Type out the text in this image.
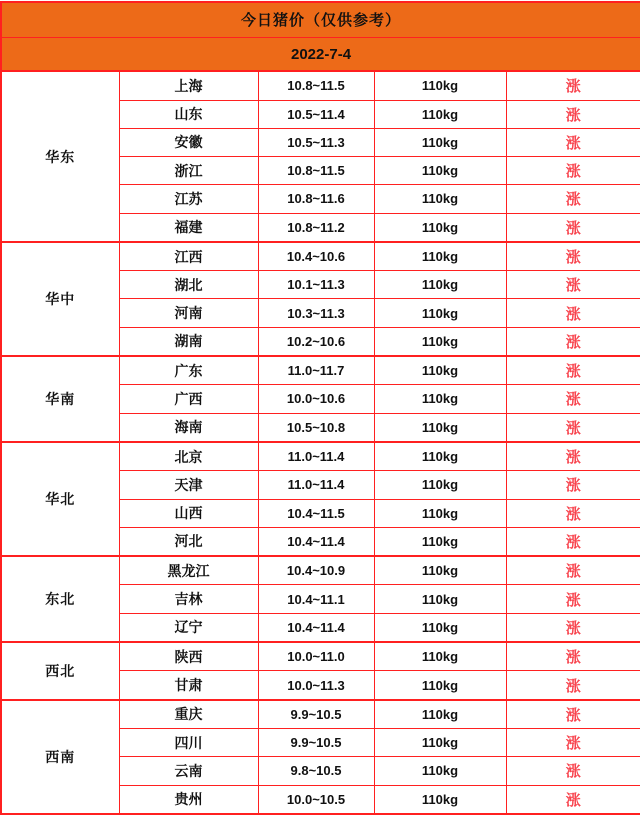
今日猪价（仅供参考）				
2022-7-4				
华东	上海	10.8~11.5	110kg	涨
	山东	10.5~11.4	110kg	涨
	安徽	10.5~11.3	110kg	涨
	浙江	10.8~11.5	110kg	涨
	江苏	10.8~11.6	110kg	涨
	福建	10.8~11.2	110kg	涨
华中	江西	10.4~10.6	110kg	涨
	湖北	10.1~11.3	110kg	涨
	河南	10.3~11.3	110kg	涨
	湖南	10.2~10.6	110kg	涨
华南	广东	11.0~11.7	110kg	涨
	广西	10.0~10.6	110kg	涨
	海南	10.5~10.8	110kg	涨
华北	北京	11.0~11.4	110kg	涨
	天津	11.0~11.4	110kg	涨
	山西	10.4~11.5	110kg	涨
	河北	10.4~11.4	110kg	涨
东北	黑龙江	10.4~10.9	110kg	涨
	吉林	10.4~11.1	110kg	涨
	辽宁	10.4~11.4	110kg	涨
西北	陕西	10.0~11.0	110kg	涨
	甘肃	10.0~11.3	110kg	涨
西南	重庆	9.9~10.5	110kg	涨
	四川	9.9~10.5	110kg	涨
	云南	9.8~10.5	110kg	涨
	贵州	10.0~10.5	110kg	涨
